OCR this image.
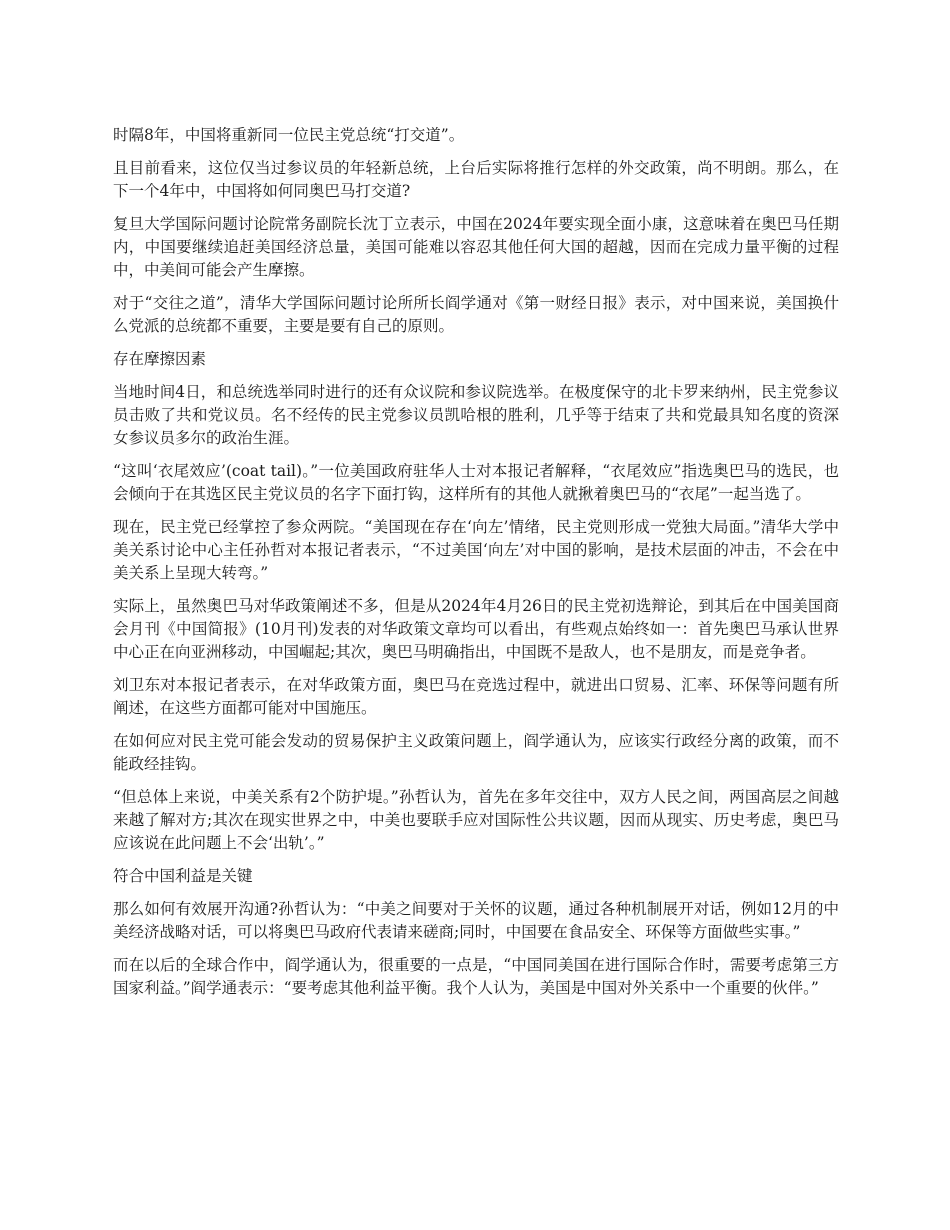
时隔8年，中国将重新同一位民主党总统“打交道”。

且目前看来，这位仅当过参议员的年轻新总统，上台后实际将推行怎样的外交政策，尚不明朗。那么，在下一个4年中，中国将如何同奥巴马打交道?

复旦大学国际问题讨论院常务副院长沈丁立表示，中国在2024年要实现全面小康，这意味着在奥巴马任期内，中国要继续追赶美国经济总量，美国可能难以容忍其他任何大国的超越，因而在完成力量平衡的过程中，中美间可能会产生摩擦。

对于“交往之道”，清华大学国际问题讨论所所长阎学通对《第一财经日报》表示，对中国来说，美国换什么党派的总统都不重要，主要是要有自己的原则。

存在摩擦因素

当地时间4日，和总统选举同时进行的还有众议院和参议院选举。在极度保守的北卡罗来纳州，民主党参议员击败了共和党议员。名不经传的民主党参议员凯哈根的胜利，几乎等于结束了共和党最具知名度的资深女参议员多尔的政治生涯。

“这叫‘衣尾效应’(coat tail)。”一位美国政府驻华人士对本报记者解释，“衣尾效应”指选奥巴马的选民，也会倾向于在其选区民主党议员的名字下面打钩，这样所有的其他人就揪着奥巴马的“衣尾”一起当选了。

现在，民主党已经掌控了参众两院。“美国现在存在‘向左’情绪，民主党则形成一党独大局面。”清华大学中美关系讨论中心主任孙哲对本报记者表示，“不过美国‘向左’对中国的影响，是技术层面的冲击，不会在中美关系上呈现大转弯。”

实际上，虽然奥巴马对华政策阐述不多，但是从2024年4月26日的民主党初选辩论，到其后在中国美国商会月刊《中国简报》(10月刊)发表的对华政策文章均可以看出，有些观点始终如一：首先奥巴马承认世界中心正在向亚洲移动，中国崛起;其次，奥巴马明确指出，中国既不是敌人，也不是朋友，而是竞争者。

刘卫东对本报记者表示，在对华政策方面，奥巴马在竞选过程中，就进出口贸易、汇率、环保等问题有所阐述，在这些方面都可能对中国施压。

在如何应对民主党可能会发动的贸易保护主义政策问题上，阎学通认为，应该实行政经分离的政策，而不能政经挂钩。

“但总体上来说，中美关系有2个防护堤。”孙哲认为，首先在多年交往中，双方人民之间，两国高层之间越来越了解对方;其次在现实世界之中，中美也要联手应对国际性公共议题，因而从现实、历史考虑，奥巴马应该说在此问题上不会‘出轨’。”

符合中国利益是关键

那么如何有效展开沟通?孙哲认为：“中美之间要对于关怀的议题，通过各种机制展开对话，例如12月的中美经济战略对话，可以将奥巴马政府代表请来磋商;同时，中国要在食品安全、环保等方面做些实事。”

而在以后的全球合作中，阎学通认为，很重要的一点是，“中国同美国在进行国际合作时，需要考虑第三方国家利益。”阎学通表示：“要考虑其他利益平衡。我个人认为，美国是中国对外关系中一个重要的伙伴。”
